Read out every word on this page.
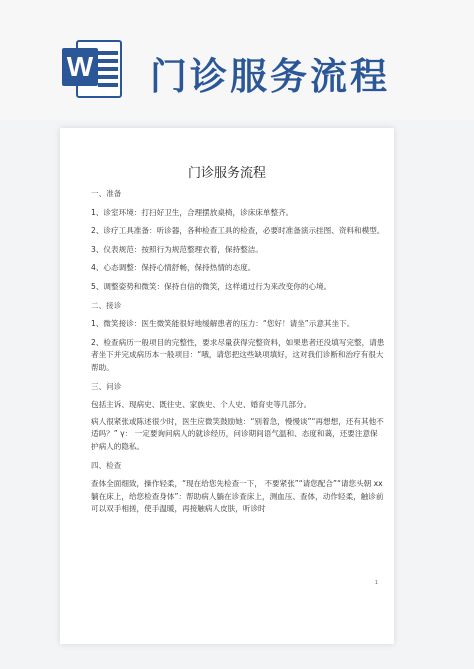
W 门诊服务流程
门诊服务流程

一、准备

1、诊室环境：打扫好卫生，合理摆放桌椅，诊床床单整齐。

2、诊疗工具准备：听诊器，各种检查工具的检查，必要时准备演示挂图、资料和模型。

3、仪表规范：按照行为规范整理衣着，保持整洁。

4、心态调整：保持心情舒畅，保持热情的态度。

5、调整姿势和微笑：保持自信的微笑，这样通过行为来改变你的心境。

二、接诊

1、微笑接诊：医生微笑能很好地缓解患者的压力：“您好！请坐”示意其坐下。

2、检查病历一般项目的完整性，要求尽量获得完整资料，如果患者还没填写完整，请患者坐下并完成病历本一般项目：“哦，请您把这些缺项填好，这对我们诊断和治疗有很大帮助。

三、问诊

包括主诉、现病史、既往史、家族史、个人史、婚育史等几部分。

病人很紧张或陈述很少时，医生应微笑鼓励她：“别着急，慢慢谈”“再想想，还有其他不适吗？” γ： 一定要询问病人的就诊经历，问诊期间语气温和、态度和蔼，还要注意保护病人的隐私。

四、检查

查体全面细致，操作轻柔，“现在给您先检查一下， 不要紧张”“请您配合”“请您头朝 xx躺在床上，给您检查身体”：帮助病人躺在诊查床上，测血压、查体，动作轻柔，触诊前可以双手相搓，使手温暖，再接触病人皮肤，听诊时

1
